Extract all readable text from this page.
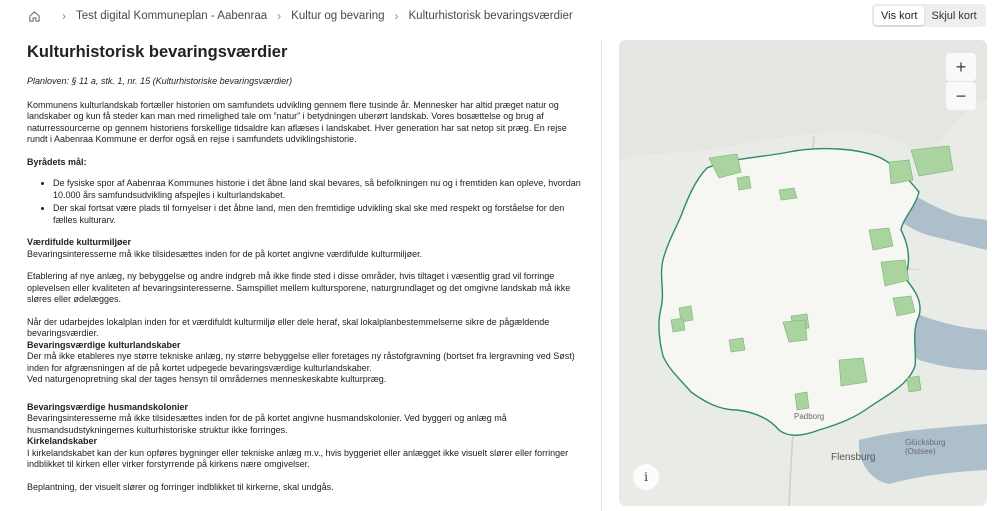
› Test digital Kommuneplan - Aabenraa › Kultur og bevaring › Kulturhistorisk bevaringsværdier	Vis kort	Skjul kort
Kulturhistorisk bevaringsværdier
Planloven: § 11 a, stk. 1, nr. 15 (Kulturhistoriske bevaringsværdier)

Kommunens kulturlandskab fortæller historien om samfundets udvikling gennem flere tusinde år. Mennesker har altid præget natur og landskaber og kun få steder kan man med rimelighed tale om ”natur” i betydningen uberørt landskab. Vores bosættelse og brug af naturressourcerne op gennem historiens forskellige tidsaldre kan aflæses i landskabet. Hver generation har sat netop sit præg. En rejse rundt i Aabenraa Kommune er derfor også en rejse i samfundets udviklingshistorie.

Byrådets mål:
• De fysiske spor af Aabenraa Kommunes historie i det åbne land skal bevares, så befolkningen nu og i fremtiden kan opleve, hvordan 10.000 års samfundsudvikling afspejles i kulturlandskabet.
• Der skal fortsat være plads til fornyelser i det åbne land, men den fremtidige udvikling skal ske med respekt og forståelse for den fælles kulturarv.
Værdifulde kulturmiljøer

Bevaringsinteresserne må ikke tilsidesættes inden for de på kortet angivne værdifulde kulturmiljøer.

Etablering af nye anlæg, ny bebyggelse og andre indgreb må ikke finde sted i disse områder, hvis tiltaget i væsentlig grad vil forringe oplevelsen eller kvaliteten af bevaringsinteresserne. Samspillet mellem kultursporene, naturgrundlaget og det omgivne landskab må ikke sløres eller ødelægges.

Når der udarbejdes lokalplan inden for et værdifuldt kulturmiljø eller dele heraf, skal lokalplanbestemmelserne sikre de pågældende bevaringsværdier.

Bevaringsværdige kulturlandskaber

Der må ikke etableres nye større tekniske anlæg, ny større bebyggelse eller foretages ny råstofgravning (bortset fra lergravning ved Søst) inden for afgrænsningen af de på kortet udpegede bevaringsværdige kulturlandskaber.

Ved naturgenopretning skal der tages hensyn til områdernes menneskeskabte kulturpræg.

Bevaringsværdige husmandskolonier

Bevaringsinteresserne må ikke tilsidesættes inden for de på kortet angivne husmandskolonier. Ved byggeri og anlæg må husmandsudstykningernes kulturhistoriske struktur ikke forringes.

Kirkelandskaber

I kirkelandskabet kan der kun opføres bygninger eller tekniske anlæg m.v., hvis byggeriet eller anlægget ikke visuelt slører eller forringer indblikket til kirken eller virker forstyrrende på kirkens nære omgivelser.

Beplantning, der visuelt slører og forringer indblikket til kirkerne, skal undgås.

Padborg
Glücksburg (Ostsee)
Flensburg
+
−
i
